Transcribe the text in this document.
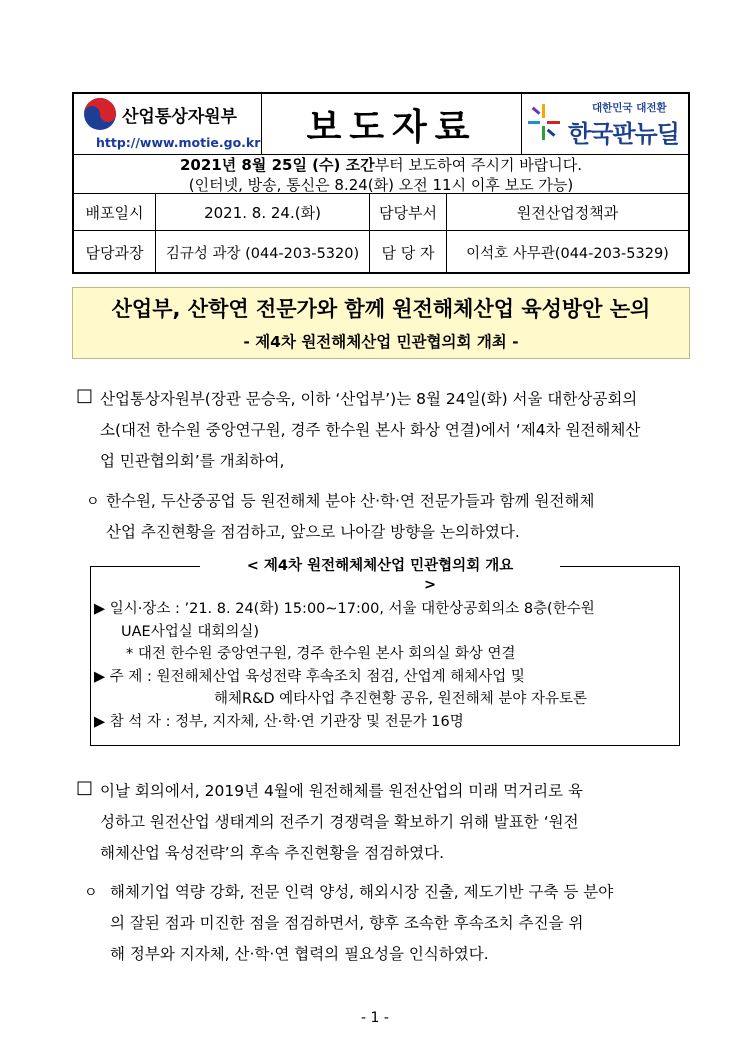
산업통상자원부
http://www.motie.go.kr	보도자료	대한민국 대전환
한국판뉴딜
2021년 8월 25일 (수) 조간부터 보도하여 주시기 바랍니다.
(인터넷, 방송, 통신은 8.24(화) 오전 11시 이후 보도 가능)
배포일시	2021. 8. 24.(화)	담당부서	원전산업정책과
담당과장	김규성 과장 (044-203-5320)	담 당 자	이석호 사무관(044-203-5329)
산업부, 산학연 전문가와 함께 원전해체산업 육성방안 논의
- 제4차 원전해체산업 민관협의회 개최 -
□ 산업통상자원부(장관 문승욱, 이하 ‘산업부’)는 8월 24일(화) 서울 대한상공회의
소(대전 한수원 중앙연구원, 경주 한수원 본사 화상 연결)에서 ‘제4차 원전해체산
업 민관협의회’를 개최하여,
ㅇ 한수원, 두산중공업 등 원전해체 분야 산·학·연 전문가들과 함께 원전해체
산업 추진현황을 점검하고, 앞으로 나아갈 방향을 논의하였다.
< 제4차 원전해체체산업 민관협의회 개요
>
▶ 일시·장소 : ’21. 8. 24(화) 15:00∼17:00, 서울 대한상공회의소 8층(한수원
UAE사업실 대회의실)
* 대전 한수원 중앙연구원, 경주 한수원 본사 회의실 화상 연결
▶ 주 제 : 원전해체산업 육성전략 후속조치 점검, 산업계 해체사업 및
해체R&D 예타사업 추진현황 공유, 원전해체 분야 자유토론
▶ 참 석 자 : 정부, 지자체, 산·학·연 기관장 및 전문가 16명
□ 이날 회의에서, 2019년 4월에 원전해체를 원전산업의 미래 먹거리로 육
성하고 원전산업 생태계의 전주기 경쟁력을 확보하기 위해 발표한 ‘원전
해체산업 육성전략’의 후속 추진현황을 점검하였다.
ㅇ 해체기업 역량 강화, 전문 인력 양성, 해외시장 진출, 제도기반 구축 등 분야
의 잘된 점과 미진한 점을 점검하면서, 향후 조속한 후속조치 추진을 위
해 정부와 지자체, 산·학·연 협력의 필요성을 인식하였다.
- 1 -
